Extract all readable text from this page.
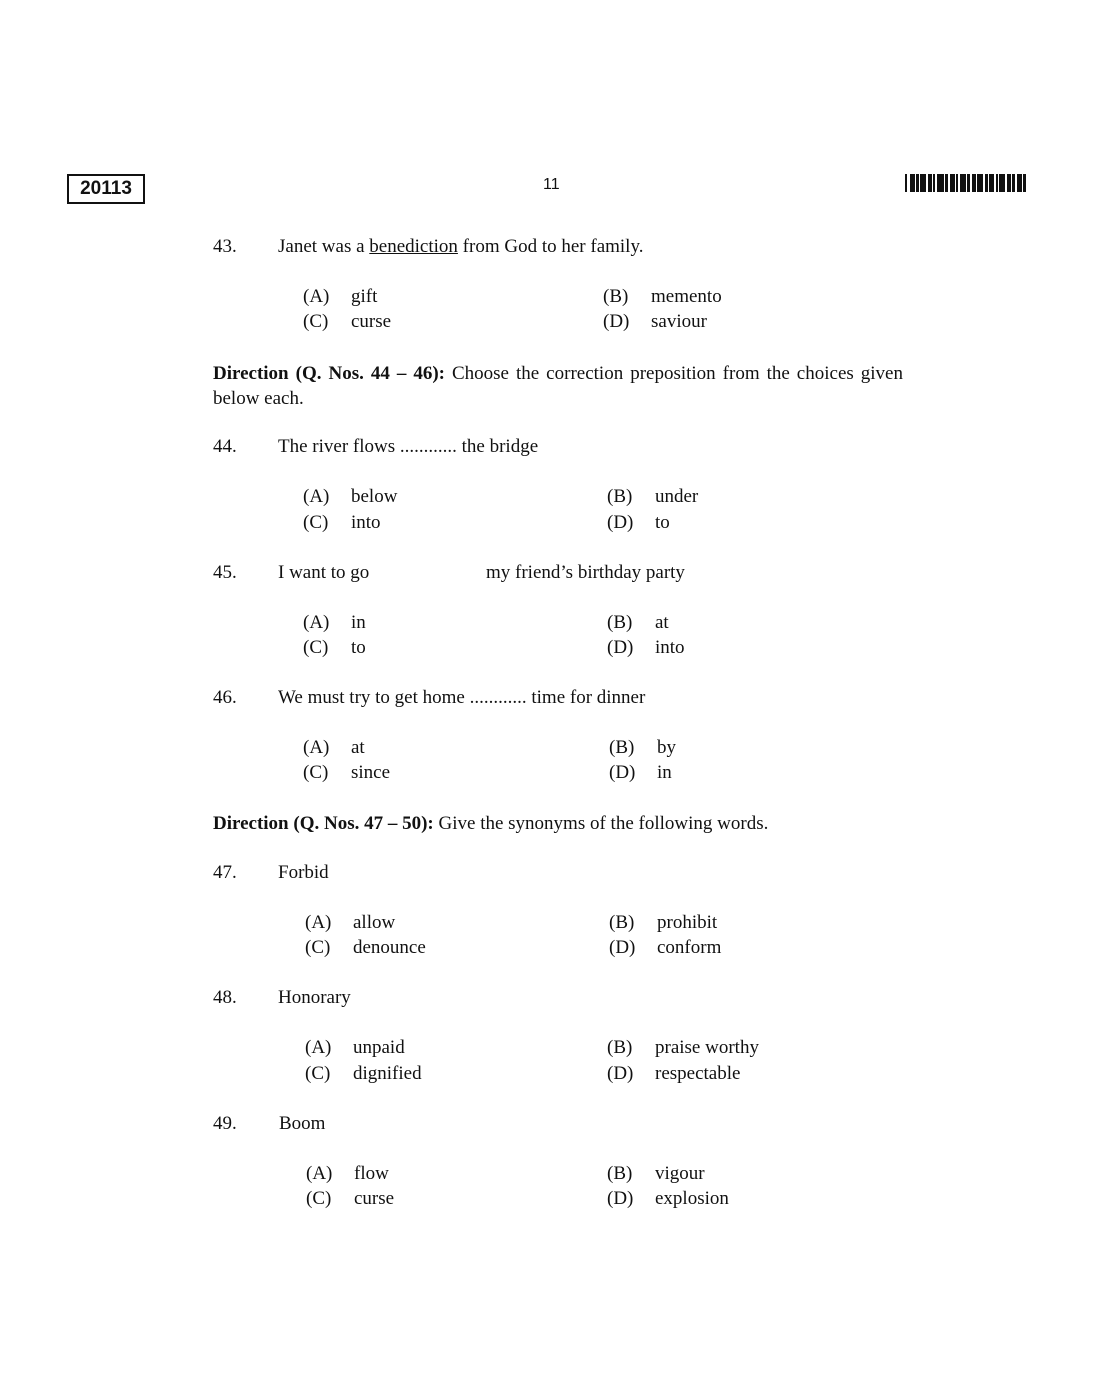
20113	11
43. Janet was a benediction from God to her family.
(A) gift	(B) memento
(C) curse	(D) saviour
Direction (Q. Nos. 44 – 46): Choose the correction preposition from the choices given below each.
44. The river flows ............ the bridge
(A) below	(B) under
(C) into	(D) to
45. I want to go	my friend’s birthday party
(A) in	(B) at
(C) to	(D) into
46. We must try to get home ............ time for dinner
(A) at	(B) by
(C) since	(D) in
Direction (Q. Nos. 47 – 50): Give the synonyms of the following words.
47. Forbid
(A) allow	(B) prohibit
(C) denounce	(D) conform
48. Honorary
(A) unpaid	(B) praise worthy
(C) dignified	(D) respectable
49. Boom
(A) flow	(B) vigour
(C) curse	(D) explosion
